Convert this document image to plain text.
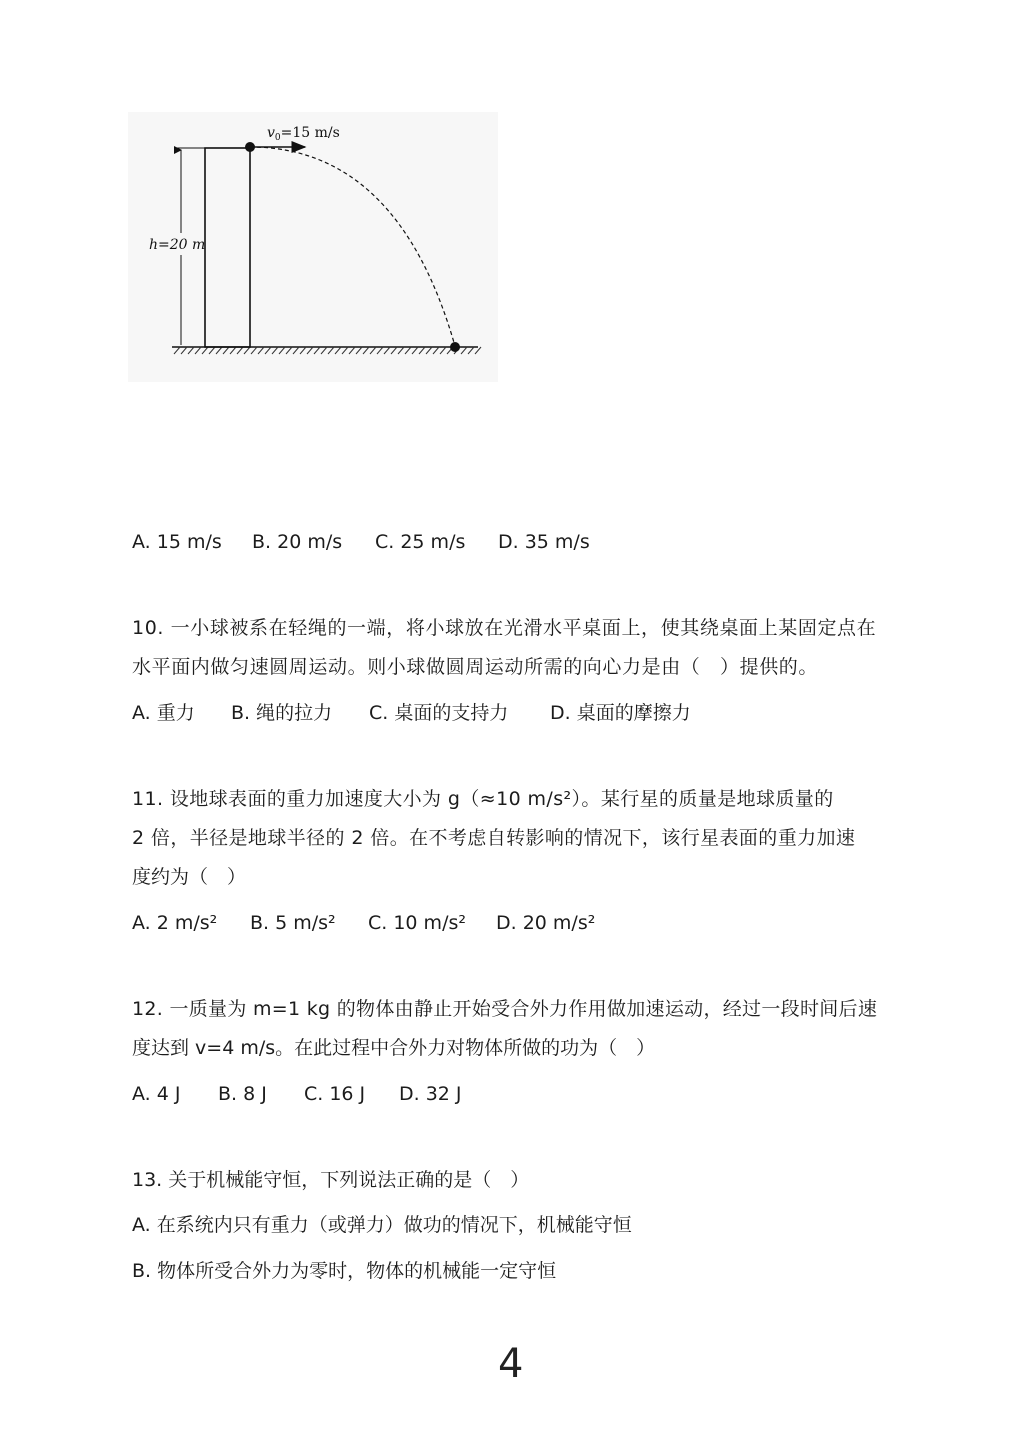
h=20 m
$v_0=15$ m/s
A. 15 m/s B. 20 m/s C. 25 m/s D. 35 m/s
10. 一小球被系在轻绳的一端，将小球放在光滑水平桌面上，使其绕桌面上某固定点在
水平面内做匀速圆周运动。则小球做圆周运动所需的向心力是由（　）提供的。
A. 重力 B. 绳的拉力 C. 桌面的支持力 D. 桌面的摩擦力
11. 设地球表面的重力加速度大小为 g（≈10 m/s²）。某行星的质量是地球质量的
2 倍，半径是地球半径的 2 倍。在不考虑自转影响的情况下，该行星表面的重力加速
度约为（　）
A. 2 m/s² B. 5 m/s² C. 10 m/s² D. 20 m/s²
12. 一质量为 m=1 kg 的物体由静止开始受合外力作用做加速运动，经过一段时间后速
度达到 v=4 m/s。在此过程中合外力对物体所做的功为（　）
A. 4 J B. 8 J C. 16 J D. 32 J
13. 关于机械能守恒，下列说法正确的是（　）
A. 在系统内只有重力（或弹力）做功的情况下，机械能守恒
B. 物体所受合外力为零时，物体的机械能一定守恒
4
